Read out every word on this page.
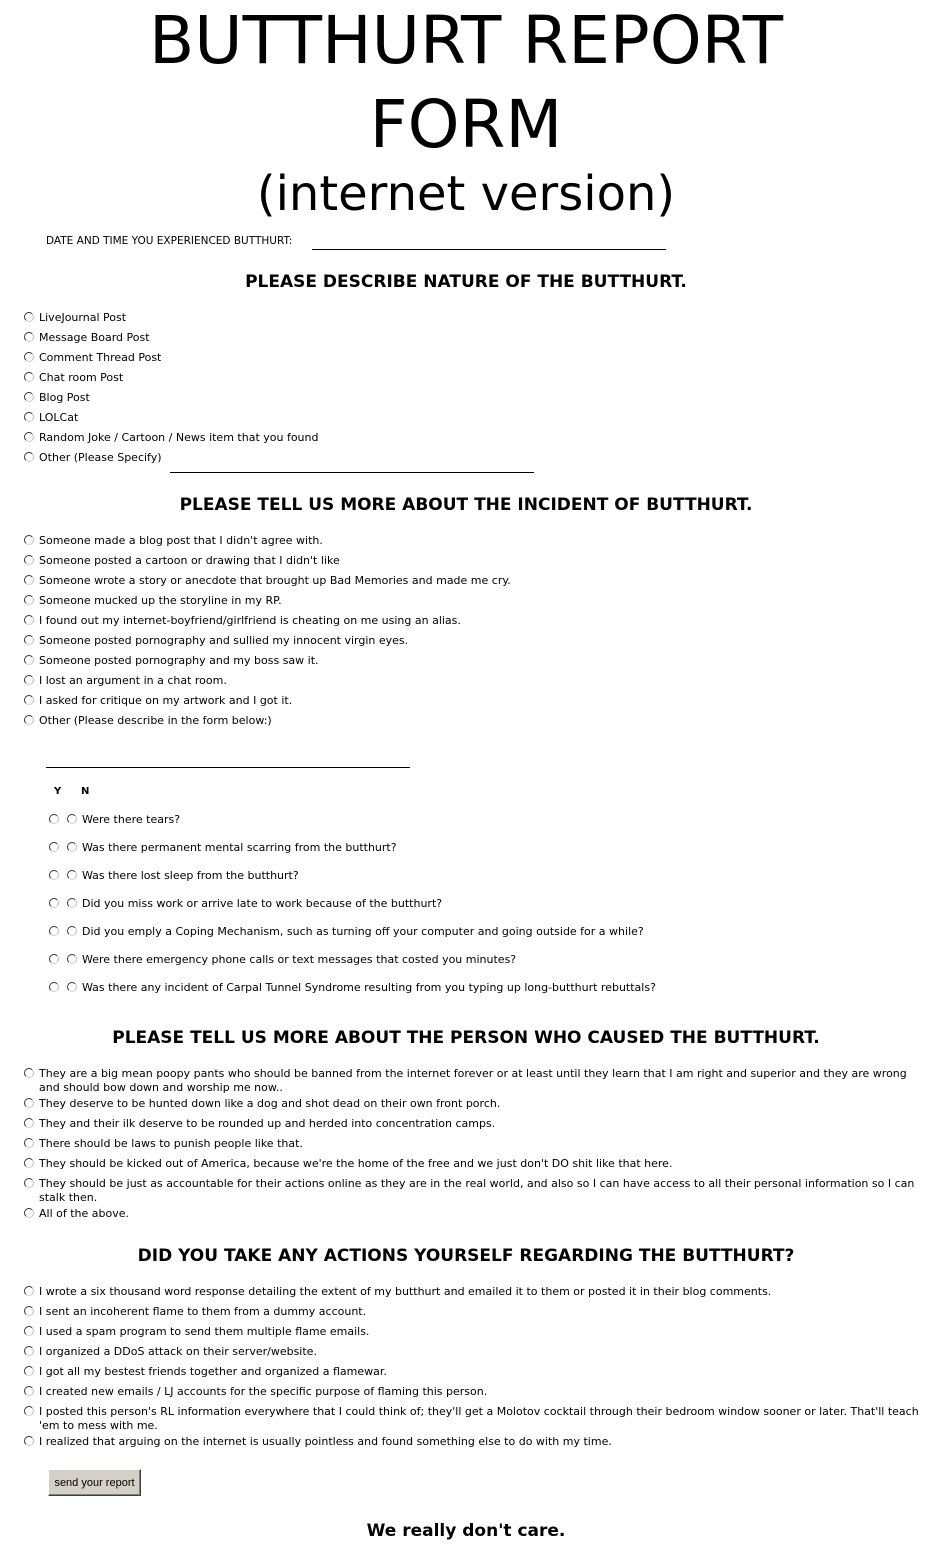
BUTTHURT REPORT
FORM
(internet version)
DATE AND TIME YOU EXPERIENCED BUTTHURT:
PLEASE DESCRIBE NATURE OF THE BUTTHURT.
LiveJournal Post
Message Board Post
Comment Thread Post
Chat room Post
Blog Post
LOLCat
Random Joke / Cartoon / News item that you found
Other (Please Specify)
PLEASE TELL US MORE ABOUT THE INCIDENT OF BUTTHURT.
Someone made a blog post that I didn't agree with.
Someone posted a cartoon or drawing that I didn't like
Someone wrote a story or anecdote that brought up Bad Memories and made me cry.
Someone mucked up the storyline in my RP.
I found out my internet-boyfriend/girlfriend is cheating on me using an alias.
Someone posted pornography and sullied my innocent virgin eyes.
Someone posted pornography and my boss saw it.
I lost an argument in a chat room.
I asked for critique on my artwork and I got it.
Other (Please describe in the form below:)
Y N
Were there tears?
Was there permanent mental scarring from the butthurt?
Was there lost sleep from the butthurt?
Did you miss work or arrive late to work because of the butthurt?
Did you emply a Coping Mechanism, such as turning off your computer and going outside for a while?
Were there emergency phone calls or text messages that costed you minutes?
Was there any incident of Carpal Tunnel Syndrome resulting from you typing up long-butthurt rebuttals?
PLEASE TELL US MORE ABOUT THE PERSON WHO CAUSED THE BUTTHURT.
They are a big mean poopy pants who should be banned from the internet forever or at least until they learn that I am right and superior and they are wrong and should bow down and worship me now..
They deserve to be hunted down like a dog and shot dead on their own front porch.
They and their ilk deserve to be rounded up and herded into concentration camps.
There should be laws to punish people like that.
They should be kicked out of America, because we're the home of the free and we just don't DO shit like that here.
They should be just as accountable for their actions online as they are in the real world, and also so I can have access to all their personal information so I can stalk then.
All of the above.
DID YOU TAKE ANY ACTIONS YOURSELF REGARDING THE BUTTHURT?
I wrote a six thousand word response detailing the extent of my butthurt and emailed it to them or posted it in their blog comments.
I sent an incoherent flame to them from a dummy account.
I used a spam program to send them multiple flame emails.
I organized a DDoS attack on their server/website.
I got all my bestest friends together and organized a flamewar.
I created new emails / LJ accounts for the specific purpose of flaming this person.
I posted this person's RL information everywhere that I could think of; they'll get a Molotov cocktail through their bedroom window sooner or later. That'll teach 'em to mess with me.
I realized that arguing on the internet is usually pointless and found something else to do with my time.
send your report
We really don't care.
